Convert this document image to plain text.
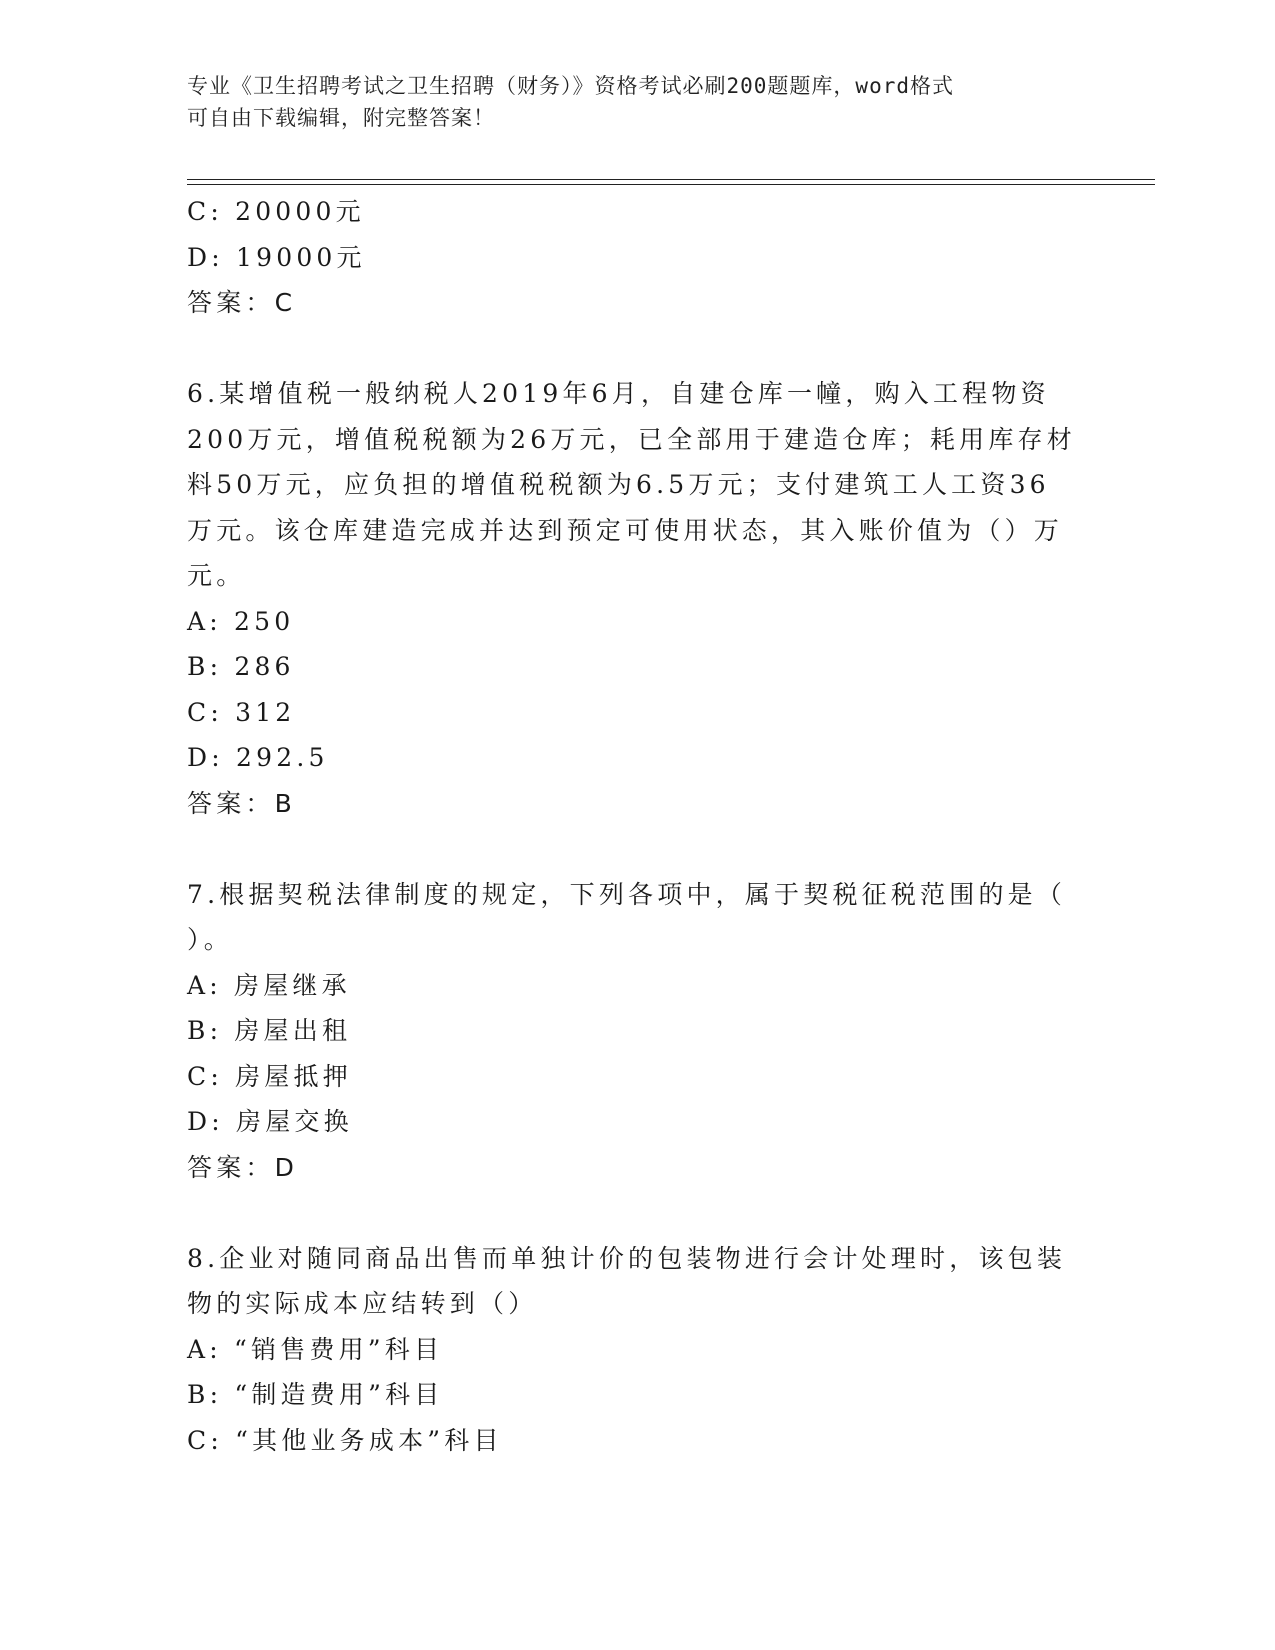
专业《卫生招聘考试之卫生招聘（财务）》资格考试必刷200题题库，word格式
可自由下载编辑，附完整答案！
C: 20000元
D: 19000元
答案：C
6.某增值税一般纳税人2019年6月，自建仓库一幢，购入工程物资
200万元，增值税税额为26万元，已全部用于建造仓库；耗用库存材
料50万元，应负担的增值税税额为6.5万元；支付建筑工人工资36
万元。该仓库建造完成并达到预定可使用状态，其入账价值为（）万
元。
A: 250
B: 286
C: 312
D: 292.5
答案：B
7.根据契税法律制度的规定，下列各项中，属于契税征税范围的是（
）。
A: 房屋继承
B: 房屋出租
C: 房屋抵押
D: 房屋交换
答案：D
8.企业对随同商品出售而单独计价的包装物进行会计处理时，该包装
物的实际成本应结转到（）
A: “销售费用”科目
B: “制造费用”科目
C: “其他业务成本”科目
